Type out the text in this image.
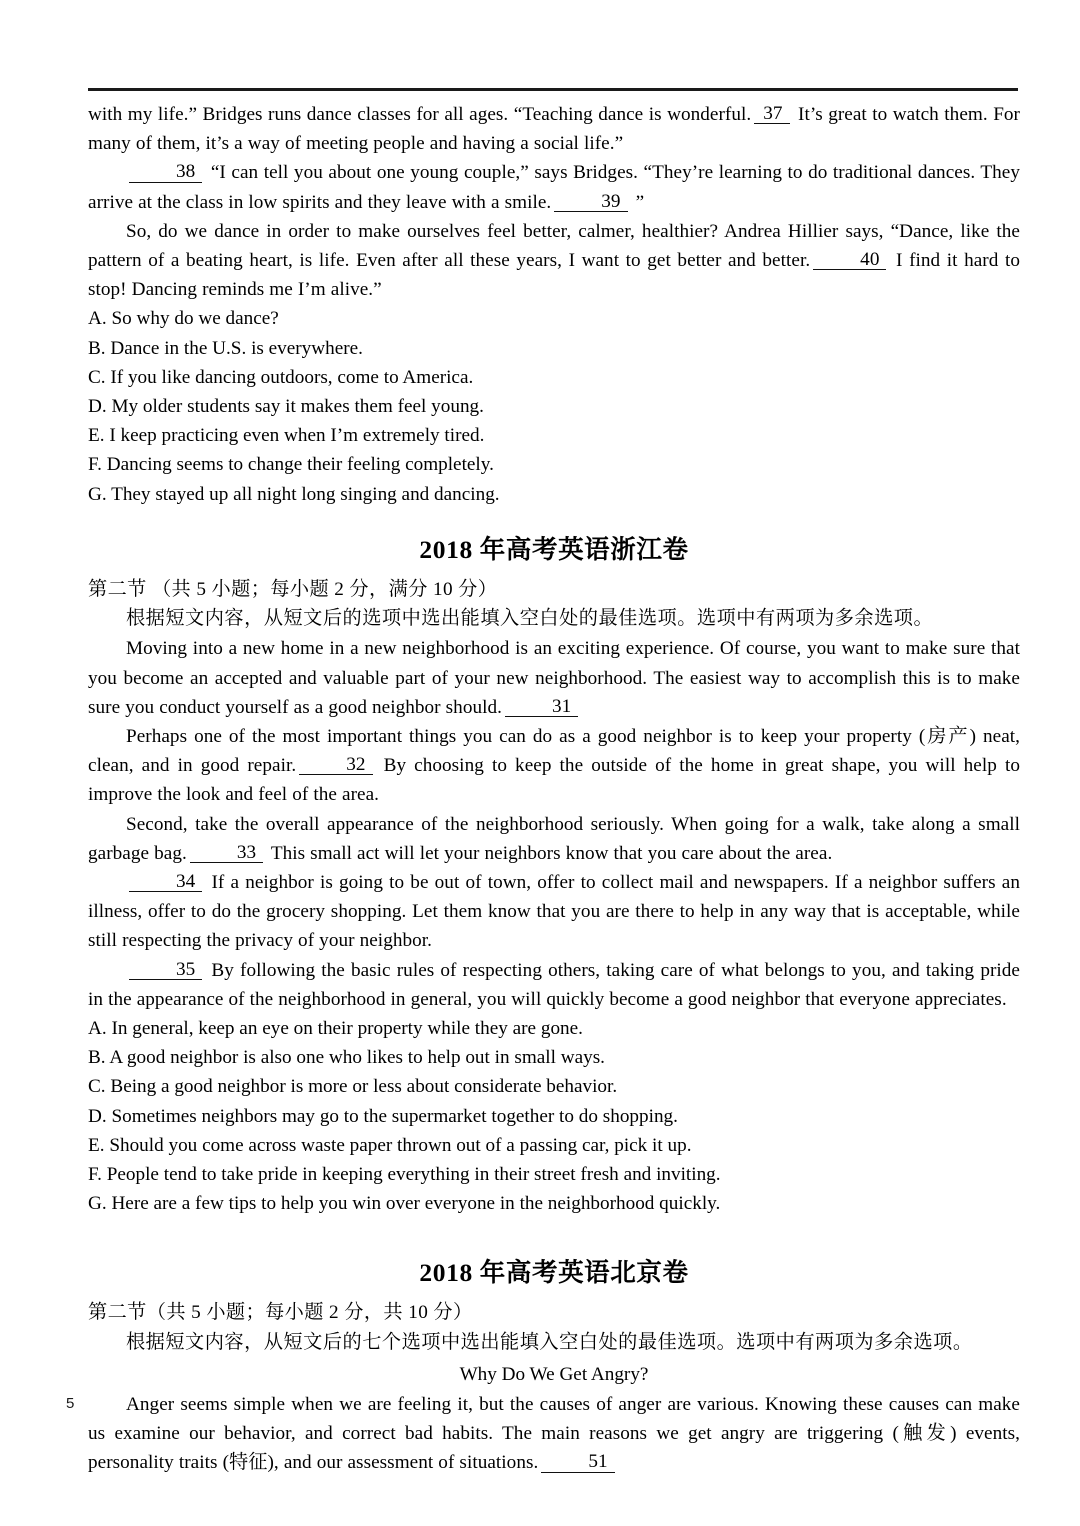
with my life.” Bridges runs dance classes for all ages. “Teaching dance is wonderful. 37 It’s great to watch them. For many of them, it’s a way of meeting people and having a social life.”
38 “I can tell you about one young couple,” says Bridges. “They’re learning to do traditional dances. They arrive at the class in low spirits and they leave with a smile.	39 ”
So, do we dance in order to make ourselves feel better, calmer, healthier? Andrea Hillier says, “Dance, like the pattern of a beating heart, is life. Even after all these years, I want to get better and better.	40 I find it hard to stop! Dancing reminds me I’m alive.”
A. So why do we dance?
B. Dance in the U.S. is everywhere.
C. If you like dancing outdoors, come to America.
D. My older students say it makes them feel young.
E. I keep practicing even when I’m extremely tired.
F. Dancing seems to change their feeling completely.
G. They stayed up all night long singing and dancing.
2018 年高考英语浙江卷
第二节 （共 5 小题；每小题 2 分，满分 10 分）
根据短文内容，从短文后的选项中选出能填入空白处的最佳选项。选项中有两项为多余选项。
Moving into a new home in a new neighborhood is an exciting experience. Of course, you want to make sure that you become an accepted and valuable part of your new neighborhood. The easiest way to accomplish this is to make sure you conduct yourself as a good neighbor should.	31
Perhaps one of the most important things you can do as a good neighbor is to keep your property (房产) neat, clean, and in good repair.	32 By choosing to keep the outside of the home in great shape, you will help to improve the look and feel of the area.
Second, take the overall appearance of the neighborhood seriously. When going for a walk, take along a small garbage bag.	33 This small act will let your neighbors know that you care about the area.
34 If a neighbor is going to be out of town, offer to collect mail and newspapers. If a neighbor suffers an illness, offer to do the grocery shopping. Let them know that you are there to help in any way that is acceptable, while still respecting the privacy of your neighbor.
35 By following the basic rules of respecting others, taking care of what belongs to you, and taking pride in the appearance of the neighborhood in general, you will quickly become a good neighbor that everyone appreciates.
A. In general, keep an eye on their property while they are gone.
B. A good neighbor is also one who likes to help out in small ways.
C. Being a good neighbor is more or less about considerate behavior.
D. Sometimes neighbors may go to the supermarket together to do shopping.
E. Should you come across waste paper thrown out of a passing car, pick it up.
F. People tend to take pride in keeping everything in their street fresh and inviting.
G. Here are a few tips to help you win over everyone in the neighborhood quickly.
2018 年高考英语北京卷
第二节（共 5 小题；每小题 2 分，共 10 分）
根据短文内容，从短文后的七个选项中选出能填入空白处的最佳选项。选项中有两项为多余选项。
Why Do We Get Angry?
Anger seems simple when we are feeling it, but the causes of anger are various. Knowing these causes can make us examine our behavior, and correct bad habits. The main reasons we get angry are triggering (触发) events, personality traits (特征), and our assessment of situations.	51
5
